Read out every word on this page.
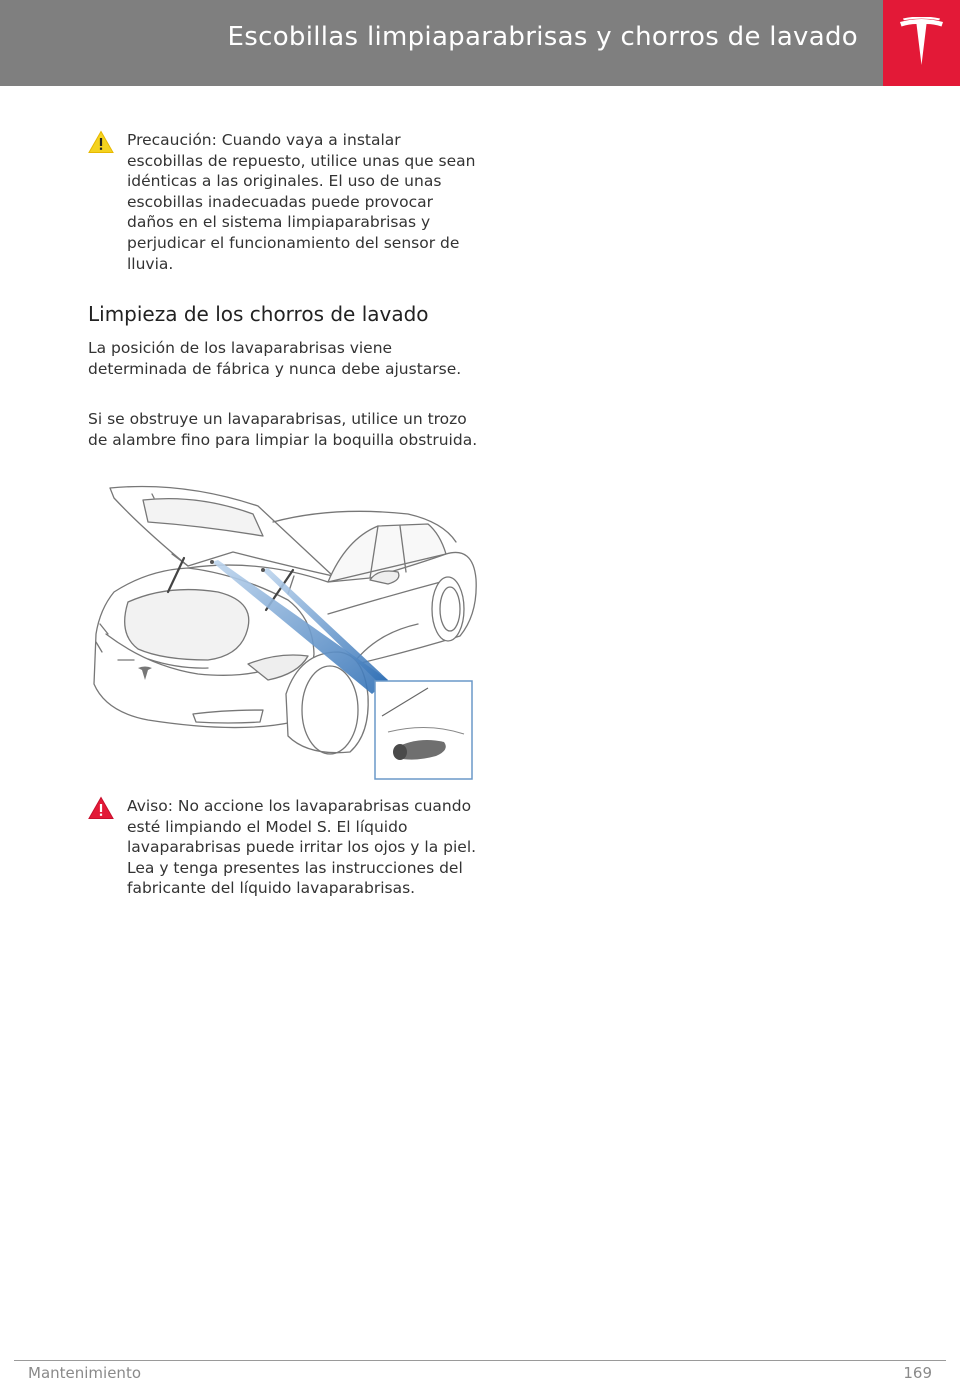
Escobillas limpiaparabrisas y chorros de lavado
Precaución: Cuando vaya a instalar escobillas de repuesto, utilice unas que sean idénticas a las originales. El uso de unas escobillas inadecuadas puede provocar daños en el sistema limpiaparabrisas y perjudicar el funcionamiento del sensor de lluvia.
Limpieza de los chorros de lavado
La posición de los lavaparabrisas viene determinada de fábrica y nunca debe ajustarse.
Si se obstruye un lavaparabrisas, utilice un trozo de alambre fino para limpiar la boquilla obstruida.
Aviso: No accione los lavaparabrisas cuando esté limpiando el Model S. El líquido lavaparabrisas puede irritar los ojos y la piel. Lea y tenga presentes las instrucciones del fabricante del líquido lavaparabrisas.
Mantenimiento	169
